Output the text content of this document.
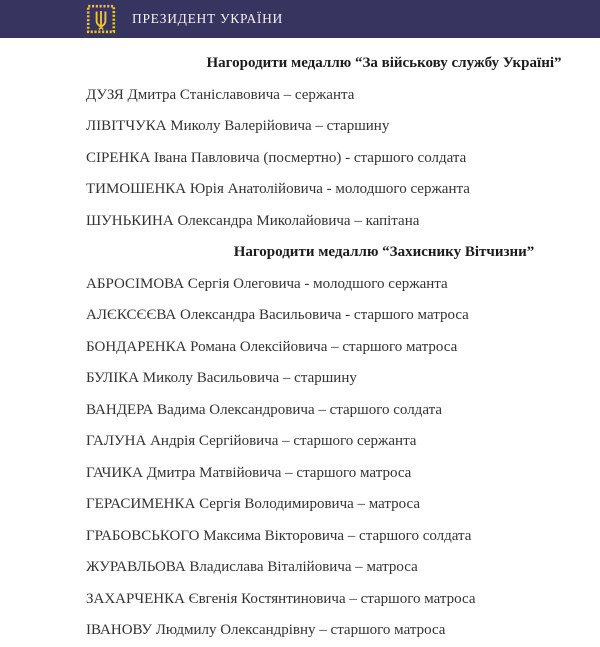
ПРЕЗИДЕНТ УКРАЇНИ

Нагородити медаллю “За військову службу Україні”

ДУЗЯ Дмитра Станіславовича – сержанта

ЛІВІТЧУКА Миколу Валерійовича – старшину

СІРЕНКА Івана Павловича (посмертно) - старшого солдата

ТИМОШЕНКА Юрія Анатолійовича - молодшого сержанта

ШУНЬКИНА Олександра Миколайовича – капітана

Нагородити медаллю “Захиснику Вітчизни”

АБРОСІМОВА Сергія Олеговича - молодшого сержанта

АЛЄКСЄЄВА Олександра Васильовича - старшого матроса

БОНДАРЕНКА Романа Олексійовича – старшого матроса

БУЛІКА Миколу Васильовича – старшину

ВАНДЕРА Вадима Олександровича – старшого солдата

ГАЛУНА Андрія Сергійовича – старшого сержанта

ГАЧИКА Дмитра Матвійовича – старшого матроса

ГЕРАСИМЕНКА Сергія Володимировича – матроса

ГРАБОВСЬКОГО Максима Вікторовича – старшого солдата

ЖУРАВЛЬОВА Владислава Віталійовича – матроса

ЗАХАРЧЕНКА Євгенія Костянтиновича – старшого матроса

ІВАНОВУ Людмилу Олександрівну – старшого матроса
